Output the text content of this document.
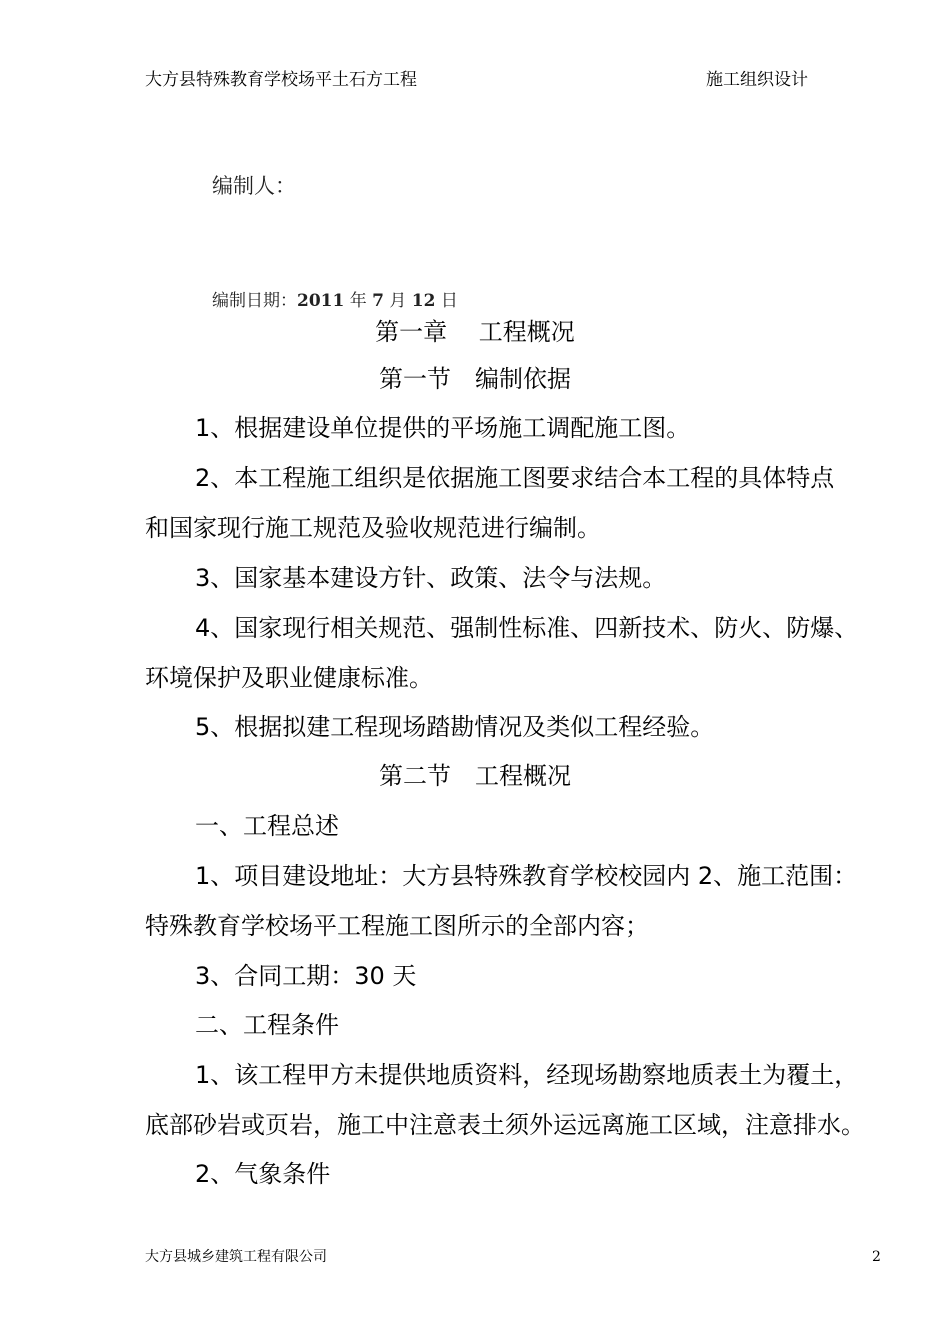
大方县特殊教育学校场平土石方工程	施工组织设计
编制人：
编制日期：2011 年 7 月 12 日
第一章　 工程概况
第一节　编制依据
1、根据建设单位提供的平场施工调配施工图。
2、本工程施工组织是依据施工图要求结合本工程的具体特点
和国家现行施工规范及验收规范进行编制。
3、国家基本建设方针、政策、法令与法规。
4、国家现行相关规范、强制性标准、四新技术、防火、防爆、
环境保护及职业健康标准。
5、根据拟建工程现场踏勘情况及类似工程经验。
第二节　工程概况
一、工程总述
1、项目建设地址：大方县特殊教育学校校园内 2、施工范围：
特殊教育学校场平工程施工图所示的全部内容；
3、合同工期：30 天
二、工程条件
1、该工程甲方未提供地质资料，经现场勘察地质表土为覆土，
底部砂岩或页岩，施工中注意表土须外运远离施工区域，注意排水。
2、气象条件
大方县城乡建筑工程有限公司	2
